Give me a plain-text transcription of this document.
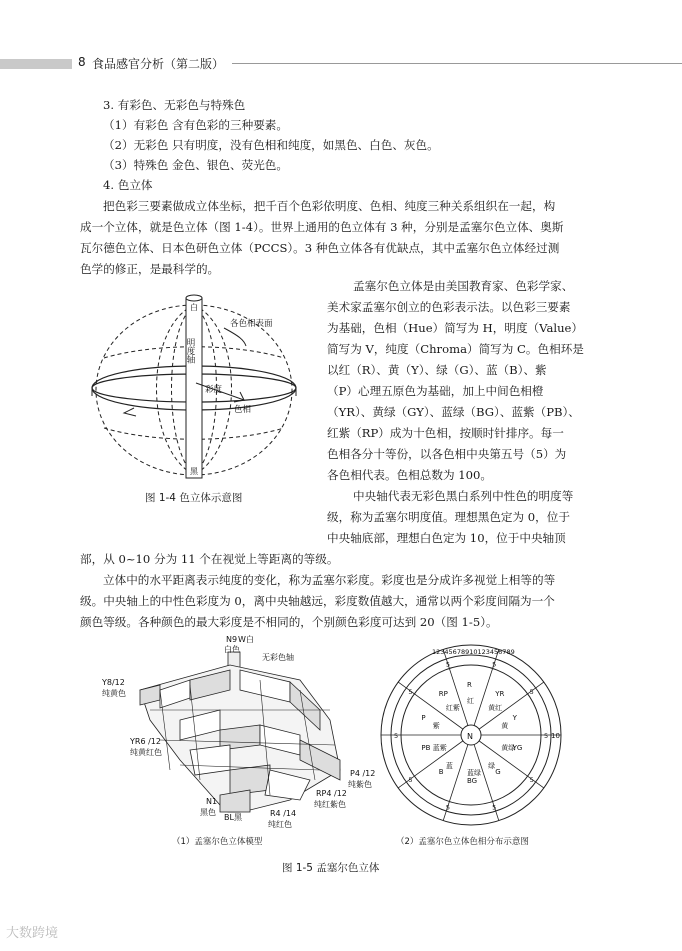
8 食品感官分析（第二版）
3. 有彩色、无彩色与特殊色
（1）有彩色 含有色彩的三种要素。
（2）无彩色 只有明度，没有色相和纯度，如黑色、白色、灰色。
（3）特殊色 金色、银色、荧光色。
4. 色立体
把色彩三要素做成立体坐标，把千百个色彩依明度、色相、纯度三种关系组织在一起，构
成一个立体，就是色立体（图 1-4）。世界上通用的色立体有 3 种，分别是孟塞尔色立体、奥斯
瓦尔德色立体、日本色研色立体（PCCS）。3 种色立体各有优缺点，其中孟塞尔色立体经过测
色学的修正，是最科学的。
孟塞尔色立体是由美国教育家、色彩学家、
美术家孟塞尔创立的色彩表示法。以色彩三要素
为基础，色相（Hue）简写为 H，明度（Value）
简写为 V，纯度（Chroma）简写为 C。色相环是
以红（R）、黄（Y）、绿（G）、蓝（B）、紫
（P）心理五原色为基础，加上中间色相橙
（YR）、黄绿（GY）、蓝绿（BG）、蓝紫（PB）、
红紫（RP）成为十色相，按顺时针排序。每一
色相各分十等份，以各色相中央第五号（5）为
各色相代表。色相总数为 100。
中央轴代表无彩色黑白系列中性色的明度等
级，称为孟塞尔明度值。理想黑色定为 0，位于
中央轴底部，理想白色定为 10，位于中央轴顶
部，从 0~10 分为 11 个在视觉上等距离的等级。
立体中的水平距离表示纯度的变化，称为孟塞尔彩度。彩度也是分成许多视觉上相等的等
级。中央轴上的中性色彩度为 0，离中央轴越远，彩度数值越大，通常以两个彩度间隔为一个
颜色等级。各种颜色的最大彩度是不相同的，个别颜色彩度可达到 20（图 1-5）。
白
明度轴
各色相表面
彩度
色相
黑
图 1-4 色立体示意图
N9 W白
白色
无彩色轴
Y8/12
纯黄色
YR6 /12
纯黄红色
P4 /12
纯紫色
RP4 /12
纯红紫色
N1
黑色
BL黑	R4 /14
纯红色
（1）孟塞尔色立体模型
12345678910123456789
10
N
R
红
5
YR
黄红
5
Y
黄
5
YG
黄绿
5
G
绿
5
BG
蓝绿
5
B
蓝
5
PB 蓝紫
5
P
紫
5
RP
红紫
5
（2）孟塞尔色立体色相分布示意图
图 1-5 孟塞尔色立体
大数跨境
